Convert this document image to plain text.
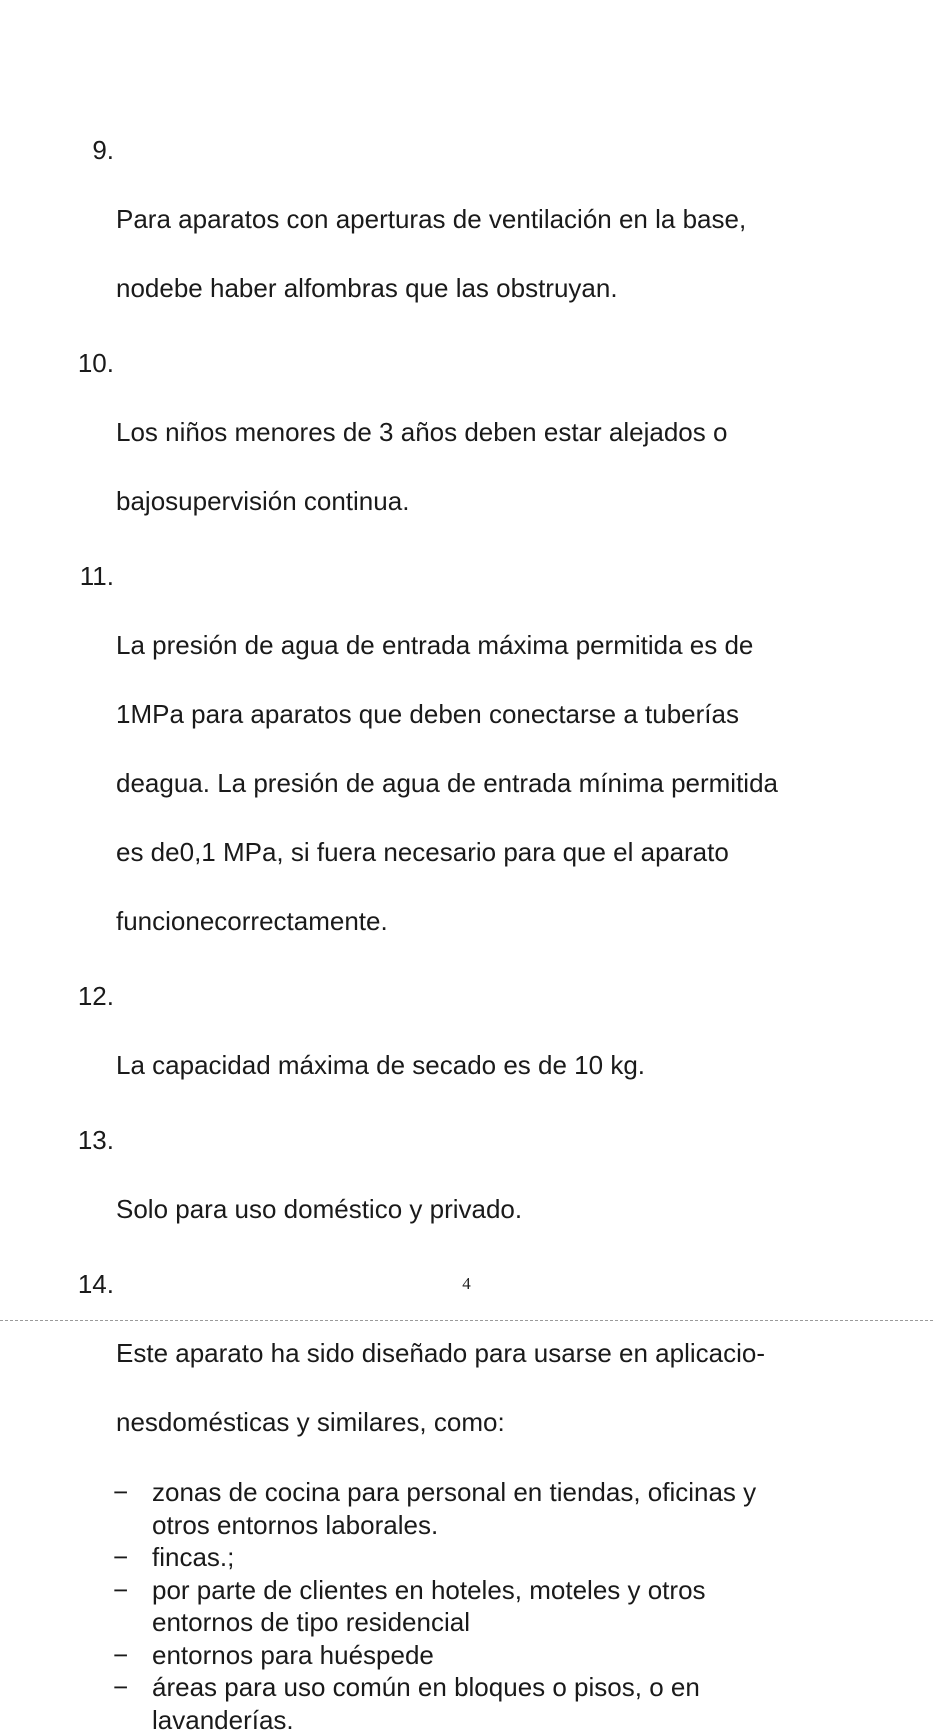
9.

Para aparatos con aperturas de ventilación en la base,

nodebe haber alfombras que las obstruyan.

10.

Los niños menores de 3 años deben estar alejados o

bajosupervisión continua.

11.

La presión de agua de entrada máxima permitida es de

1MPa para aparatos que deben conectarse a tuberías

deagua. La presión de agua de entrada mínima permitida

es de0,1 MPa, si fuera necesario para que el aparato

funcionecorrectamente.

12.

La capacidad máxima de secado es de 10 kg.

13.

Solo para uso doméstico y privado.

14.

Este aparato ha sido diseñado para usarse en aplicacio-

nesdomésticas y similares, como:

− zonas de cocina para personal en tiendas, oficinas y
otros entornos laborales.
− fincas.;
− por parte de clientes en hoteles, moteles y otros
entornos de tipo residencial
− entornos para huéspede
− áreas para uso común en bloques o pisos, o en
lavanderías.
4
